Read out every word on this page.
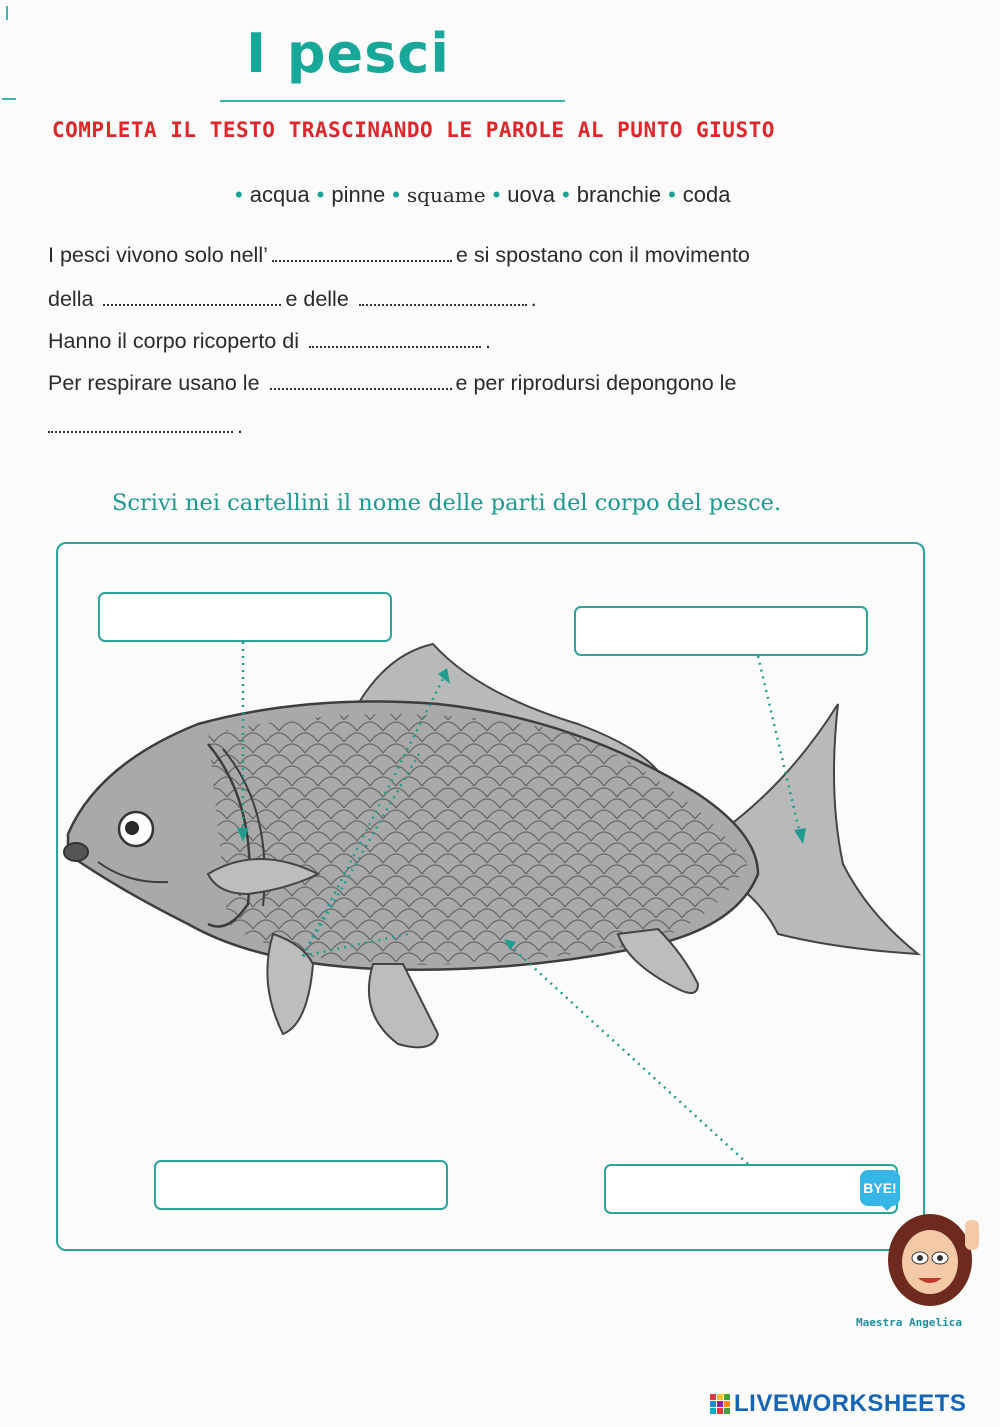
I pesci
COMPLETA IL TESTO TRASCINANDO LE PAROLE AL PUNTO GIUSTO
• acqua • pinne • squame • uova • branchie • coda
I pesci vivono solo nell’	e si spostano con il movimento
della	e delle	.
Hanno il corpo ricoperto di	.
Per respirare usano le	e per riprodursi depongono le
.
Scrivi nei cartellini il nome delle parti del corpo del pesce.
BYE!
Maestra Angelica
LIVEWORKSHEETS
